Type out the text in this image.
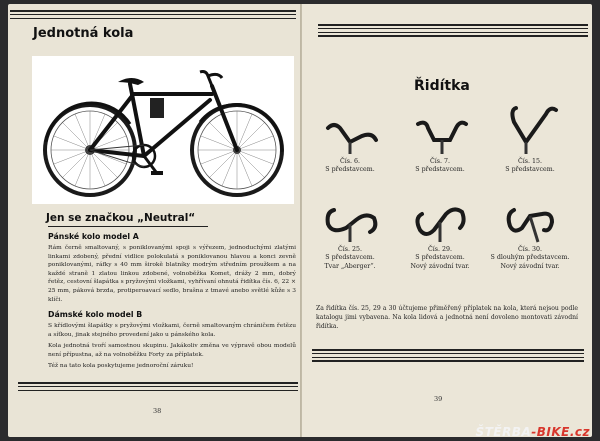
Jednotná kola
Jen se značkou „Neutral“
Pánské kolo model A
Rám černě smaltovaný, s poniklovanými spoji s výřezem, jednoduchými zlatými linkami zdobený, přední vidlice polokulatá s poniklovanou hlavou a konci zevně poniklovanými, ráfky s 40 mm širokě blatníky modrým středním proužkem a na každé straně 1 zlatou linkou zdobené, volnoběžka Komet, drážy 2 mm, dobrý řetěz, cestovní šlapátka s pryžovými vložkami, vyhřívaní ohnutá řidítka čís. 6, 22 × 25 mm, páková brzda, protiperoavací sedlo, brašna z tmavé anebo světlé kůže s 3 klíči.
Dámské kolo model B
S křídlovými šlapátky s pryžovými vložkami, černě smaltovaným chráničem řetězu a síťkou, jinak stejného provedení jako u pánského kola.
Kola jednotná tvoří samostnou skupinu. Jakákoliv změna ve výpravě obou modelů není přípustna, až na volnoběžku Forty za příplatek.
Též na tato kola poskytujeme jednoroční záruku!
38
Řidítka
Čís. 6.
S představcem.
Čís. 7.
S představcem.
Čís. 15.
S představcem.
Čís. 25.
S představcem.
Tvar „Aberger“.
Čís. 29.
S představcem.
Nový závodní tvar.
Čís. 30.
S dlouhým představcem.
Nový závodní tvar.
Za řidítka čís. 25, 29 a 30 účtujeme přiměřený příplatek na kola, která nejsou podle katalogu jimi vybavena. Na kola lidová a jednotná není dovoleno montovati závodní řidítka.
39
ŠTĚRBA-BIKE.cz
